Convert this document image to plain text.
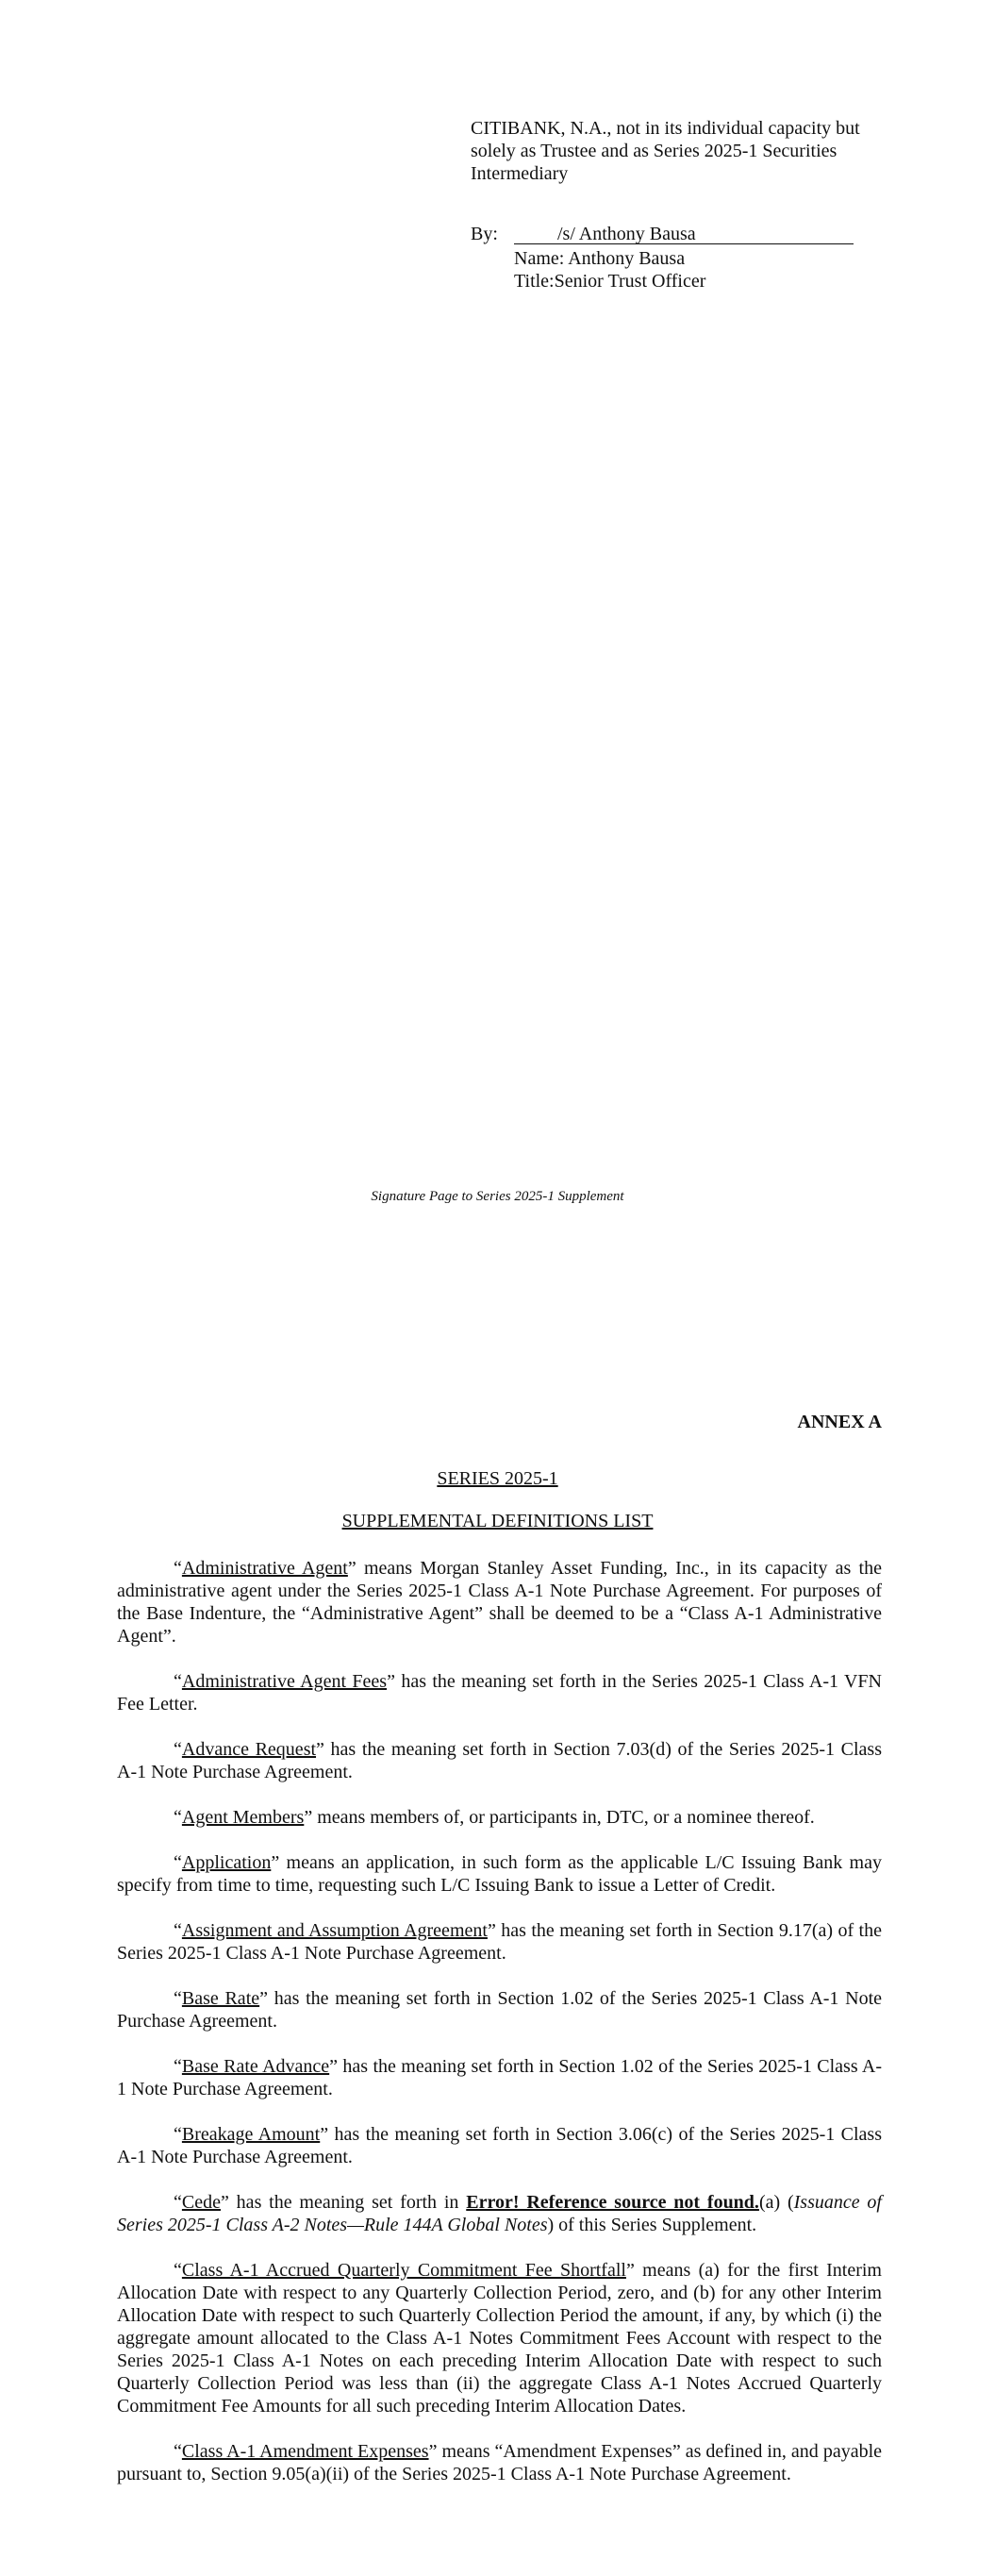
CITIBANK, N.A., not in its individual capacity but solely as Trustee and as Series 2025-1 Securities Intermediary

By:	/s/ Anthony Bausa
Name: Anthony Bausa
Title:Senior Trust Officer
Signature Page to Series 2025-1 Supplement
ANNEX A
SERIES 2025-1
SUPPLEMENTAL DEFINITIONS LIST

“Administrative Agent” means Morgan Stanley Asset Funding, Inc., in its capacity as the administrative agent under the Series 2025-1 Class A-1 Note Purchase Agreement. For purposes of the Base Indenture, the “Administrative Agent” shall be deemed to be a “Class A-1 Administrative Agent”.

“Administrative Agent Fees” has the meaning set forth in the Series 2025-1 Class A-1 VFN Fee Letter.

“Advance Request” has the meaning set forth in Section 7.03(d) of the Series 2025-1 Class A-1 Note Purchase Agreement.

“Agent Members” means members of, or participants in, DTC, or a nominee thereof.

“Application” means an application, in such form as the applicable L/C Issuing Bank may specify from time to time, requesting such L/C Issuing Bank to issue a Letter of Credit.

“Assignment and Assumption Agreement” has the meaning set forth in Section 9.17(a) of the Series 2025-1 Class A-1 Note Purchase Agreement.

“Base Rate” has the meaning set forth in Section 1.02 of the Series 2025-1 Class A-1 Note Purchase Agreement.

“Base Rate Advance” has the meaning set forth in Section 1.02 of the Series 2025-1 Class A-1 Note Purchase Agreement.

“Breakage Amount” has the meaning set forth in Section 3.06(c) of the Series 2025-1 Class A-1 Note Purchase Agreement.

“Cede” has the meaning set forth in Error! Reference source not found.(a) (Issuance of Series 2025-1 Class A-2 Notes—Rule 144A Global Notes) of this Series Supplement.

“Class A-1 Accrued Quarterly Commitment Fee Shortfall” means (a) for the first Interim Allocation Date with respect to any Quarterly Collection Period, zero, and (b) for any other Interim Allocation Date with respect to such Quarterly Collection Period the amount, if any, by which (i) the aggregate amount allocated to the Class A-1 Notes Commitment Fees Account with respect to the Series 2025-1 Class A-1 Notes on each preceding Interim Allocation Date with respect to such Quarterly Collection Period was less than (ii) the aggregate Class A-1 Notes Accrued Quarterly Commitment Fee Amounts for all such preceding Interim Allocation Dates.

“Class A-1 Amendment Expenses” means “Amendment Expenses” as defined in, and payable pursuant to, Section 9.05(a)(ii) of the Series 2025-1 Class A-1 Note Purchase Agreement.
